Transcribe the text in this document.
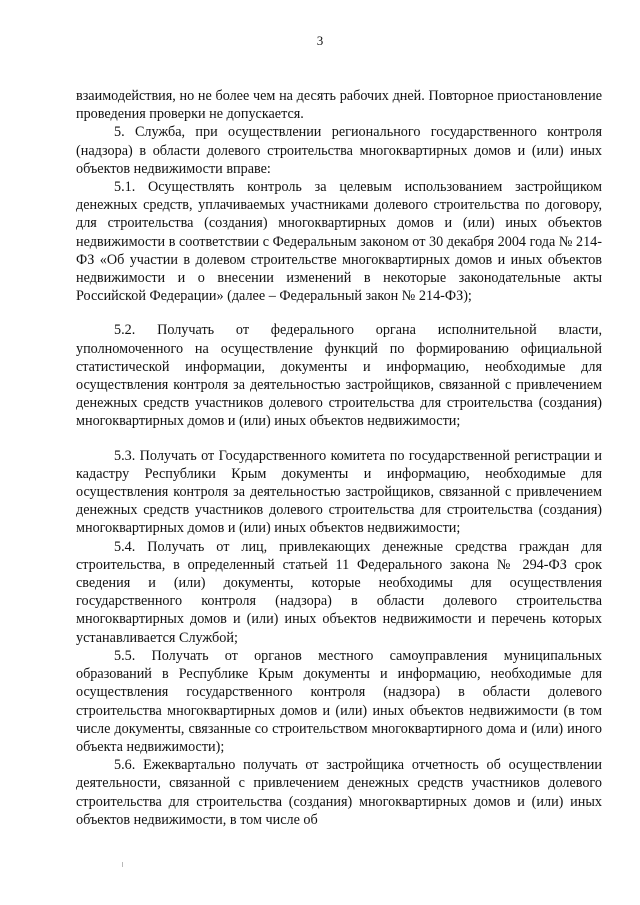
3

взаимодействия, но не более чем на десять рабочих дней. Повторное приостановление проведения проверки не допускается.

5. Служба, при осуществлении регионального государственного контроля (надзора) в области долевого строительства многоквартирных домов и (или) иных объектов недвижимости вправе:

5.1. Осуществлять контроль за целевым использованием застройщиком денежных средств, уплачиваемых участниками долевого строительства по договору, для строительства (создания) многоквартирных домов и (или) иных объектов недвижимости в соответствии с Федеральным законом от 30 декабря 2004 года № 214-ФЗ «Об участии в долевом строительстве многоквартирных домов и иных объектов недвижимости и о внесении изменений в некоторые законодательные акты Российской Федерации» (далее – Федеральный закон № 214-ФЗ);

5.2. Получать от федерального органа исполнительной власти, уполномоченного на осуществление функций по формированию официальной статистической информации, документы и информацию, необходимые для осуществления контроля за деятельностью застройщиков, связанной с привлечением денежных средств участников долевого строительства для строительства (создания) многоквартирных домов и (или) иных объектов недвижимости;

5.3. Получать от Государственного комитета по государственной регистрации и кадастру Республики Крым документы и информацию, необходимые для осуществления контроля за деятельностью застройщиков, связанной с привлечением денежных средств участников долевого строительства для строительства (создания) многоквартирных домов и (или) иных объектов недвижимости;

5.4. Получать от лиц, привлекающих денежные средства граждан для строительства, в определенный статьей 11 Федерального закона № 294-ФЗ срок сведения и (или) документы, которые необходимы для осуществления государственного контроля (надзора) в области долевого строительства многоквартирных домов и (или) иных объектов недвижимости и перечень которых устанавливается Службой;

5.5. Получать от органов местного самоуправления муниципальных образований в Республике Крым документы и информацию, необходимые для осуществления государственного контроля (надзора) в области долевого строительства многоквартирных домов и (или) иных объектов недвижимости (в том числе документы, связанные со строительством многоквартирного дома и (или) иного объекта недвижимости);

5.6. Ежеквартально получать от застройщика отчетность об осуществлении деятельности, связанной с привлечением денежных средств участников долевого строительства для строительства (создания) многоквартирных домов и (или) иных объектов недвижимости, в том числе об
